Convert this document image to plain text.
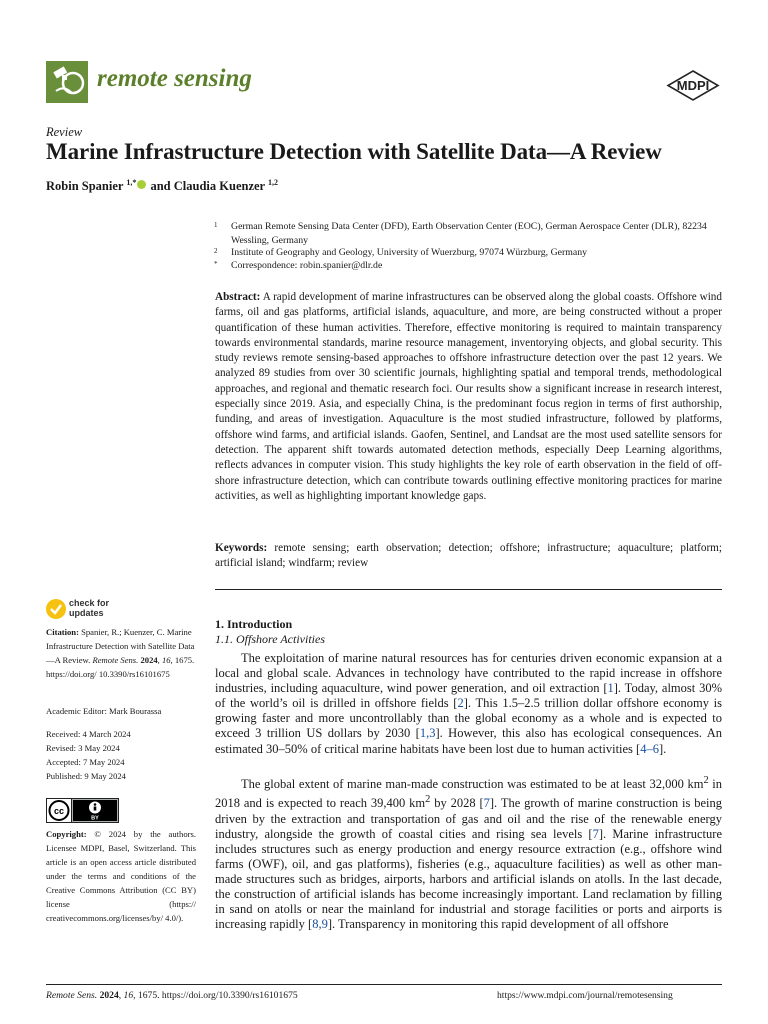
remote sensing	MDPI
Review
Marine Infrastructure Detection with Satellite Data—A Review
Robin Spanier $^{1,*}$ and Claudia Kuenzer $^{1,2}$
1 German Remote Sensing Data Center (DFD), Earth Observation Center (EOC), German Aerospace Center (DLR), 82234 Wessling, Germany
2 Institute of Geography and Geology, University of Wuerzburg, 97074 Würzburg, Germany
* Correspondence: robin.spanier@dlr.de
Abstract: A rapid development of marine infrastructures can be observed along the global coasts. Offshore wind farms, oil and gas platforms, artificial islands, aquaculture, and more, are being constructed without a proper quantification of these human activities. Therefore, effective monitoring is required to maintain transparency towards environmental standards, marine resource management, inventorying objects, and global security. This study reviews remote sensing-based approaches to offshore infrastructure detection over the past 12 years. We analyzed 89 studies from over 30 scientific journals, highlighting spatial and temporal trends, methodological approaches, and regional and thematic research foci. Our results show a significant increase in research interest, especially since 2019. Asia, and especially China, is the predominant focus region in terms of first authorship, funding, and areas of investigation. Aquaculture is the most studied infrastructure, followed by platforms, offshore wind farms, and artificial islands. Gaofen, Sentinel, and Landsat are the most used satellite sensors for detection. The apparent shift towards automated detection methods, especially Deep Learning algorithms, reflects advances in computer vision. This study highlights the key role of earth observation in the field of off-shore infrastructure detection, which can contribute towards outlining effective monitoring practices for marine activities, as well as highlighting important knowledge gaps.
Keywords: remote sensing; earth observation; detection; offshore; infrastructure; aquaculture; platform; artificial island; windfarm; review
check for
updates
Citation: Spanier, R.; Kuenzer, C. Marine Infrastructure Detection with Satellite Data—A Review. Remote Sens. 2024, 16, 1675. https://doi.org/ 10.3390/rs16101675
Academic Editor: Mark Bourassa
Received: 4 March 2024
Revised: 3 May 2024
Accepted: 7 May 2024
Published: 9 May 2024
cc
BY
Copyright: © 2024 by the authors. Licensee MDPI, Basel, Switzerland. This article is an open access article distributed under the terms and conditions of the Creative Commons Attribution (CC BY) license (https:// creativecommons.org/licenses/by/ 4.0/).
1. Introduction
1.1. Offshore Activities
The exploitation of marine natural resources has for centuries driven economic expansion at a local and global scale. Advances in technology have contributed to the rapid increase in offshore industries, including aquaculture, wind power generation, and oil extraction [1]. Today, almost 30% of the world’s oil is drilled in offshore fields [2]. This 1.5–2.5 trillion dollar offshore economy is growing faster and more uncontrollably than the global economy as a whole and is expected to exceed 3 trillion US dollars by 2030 [1,3]. However, this also has ecological consequences. An estimated 30–50% of critical marine habitats have been lost due to human activities [4–6].
The global extent of marine man-made construction was estimated to be at least 32,000 $km^2$ in 2018 and is expected to reach 39,400 $km^2$ by 2028 [7]. The growth of marine construction is being driven by the extraction and transportation of gas and oil and the rise of the renewable energy industry, alongside the growth of coastal cities and rising sea levels [7]. Marine infrastructure includes structures such as energy production and energy resource extraction (e.g., offshore wind farms (OWF), oil, and gas platforms), fisheries (e.g., aquaculture facilities) as well as other man-made structures such as bridges, airports, harbors and artificial islands on atolls. In the last decade, the construction of artificial islands has become increasingly important. Land reclamation by filling in sand on atolls or near the mainland for industrial and storage facilities or ports and airports is increasing rapidly [8,9]. Transparency in monitoring this rapid development of all offshore
Remote Sens. 2024, 16, 1675. https://doi.org/10.3390/rs16101675	https://www.mdpi.com/journal/remotesensing
